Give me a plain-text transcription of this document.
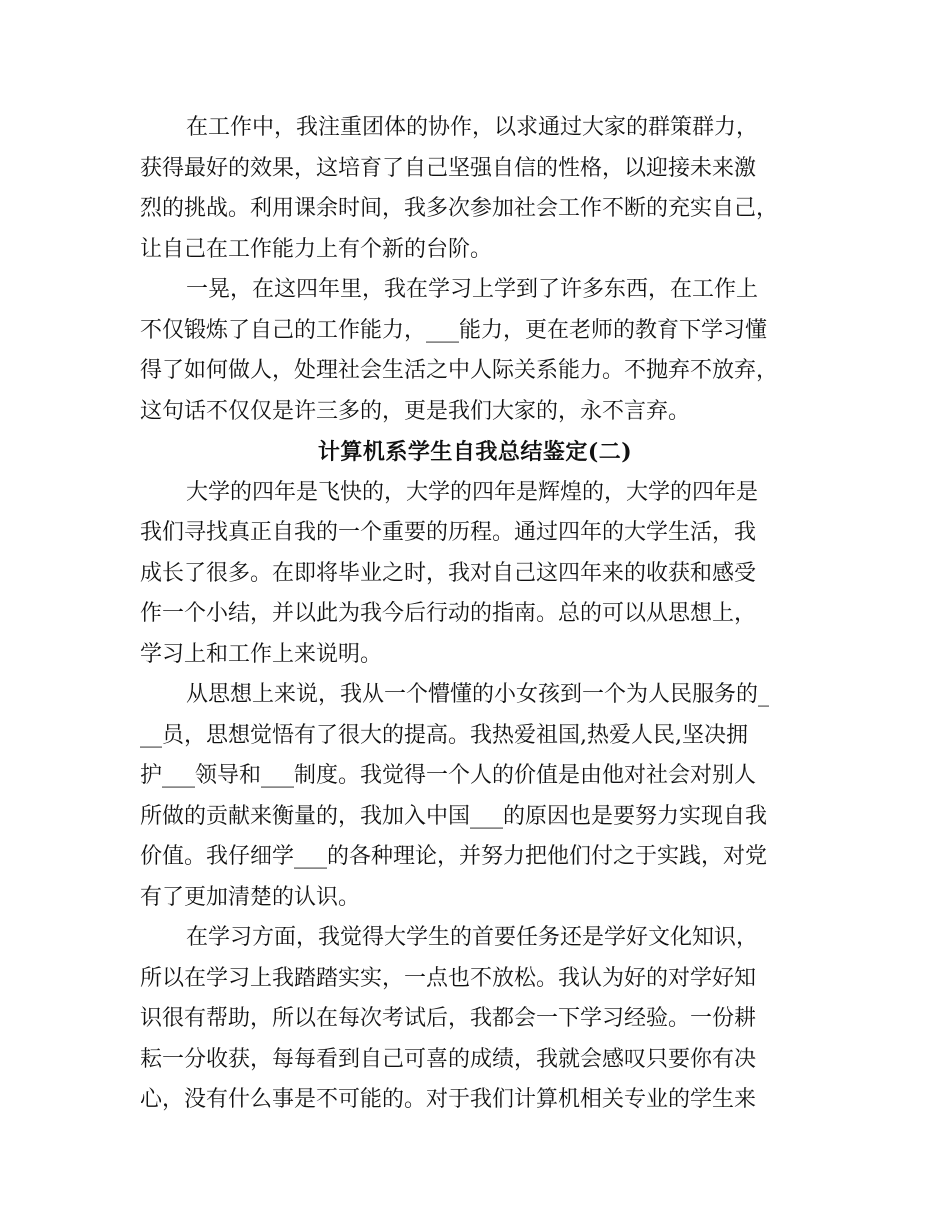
在工作中，我注重团体的协作，以求通过大家的群策群力，
获得最好的效果，这培育了自己坚强自信的性格，以迎接未来激
烈的挑战。利用课余时间，我多次参加社会工作不断的充实自己，
让自己在工作能力上有个新的台阶。
一晃，在这四年里，我在学习上学到了许多东西，在工作上
不仅锻炼了自己的工作能力，___能力，更在老师的教育下学习懂
得了如何做人，处理社会生活之中人际关系能力。不抛弃不放弃，
这句话不仅仅是许三多的，更是我们大家的，永不言弃。
计算机系学生自我总结鉴定(二)
大学的四年是飞快的，大学的四年是辉煌的，大学的四年是
我们寻找真正自我的一个重要的历程。通过四年的大学生活，我
成长了很多。在即将毕业之时，我对自己这四年来的收获和感受
作一个小结，并以此为我今后行动的指南。总的可以从思想上，
学习上和工作上来说明。
从思想上来说，我从一个懵懂的小女孩到一个为人民服务的_
__员，思想觉悟有了很大的提高。我热爱祖国,热爱人民,坚决拥
护___领导和___制度。我觉得一个人的价值是由他对社会对别人
所做的贡献来衡量的，我加入中国___的原因也是要努力实现自我
价值。我仔细学___的各种理论，并努力把他们付之于实践，对党
有了更加清楚的认识。
在学习方面，我觉得大学生的首要任务还是学好文化知识，
所以在学习上我踏踏实实，一点也不放松。我认为好的对学好知
识很有帮助，所以在每次考试后，我都会一下学习经验。一份耕
耘一分收获，每每看到自己可喜的成绩，我就会感叹只要你有决
心，没有什么事是不可能的。对于我们计算机相关专业的学生来
